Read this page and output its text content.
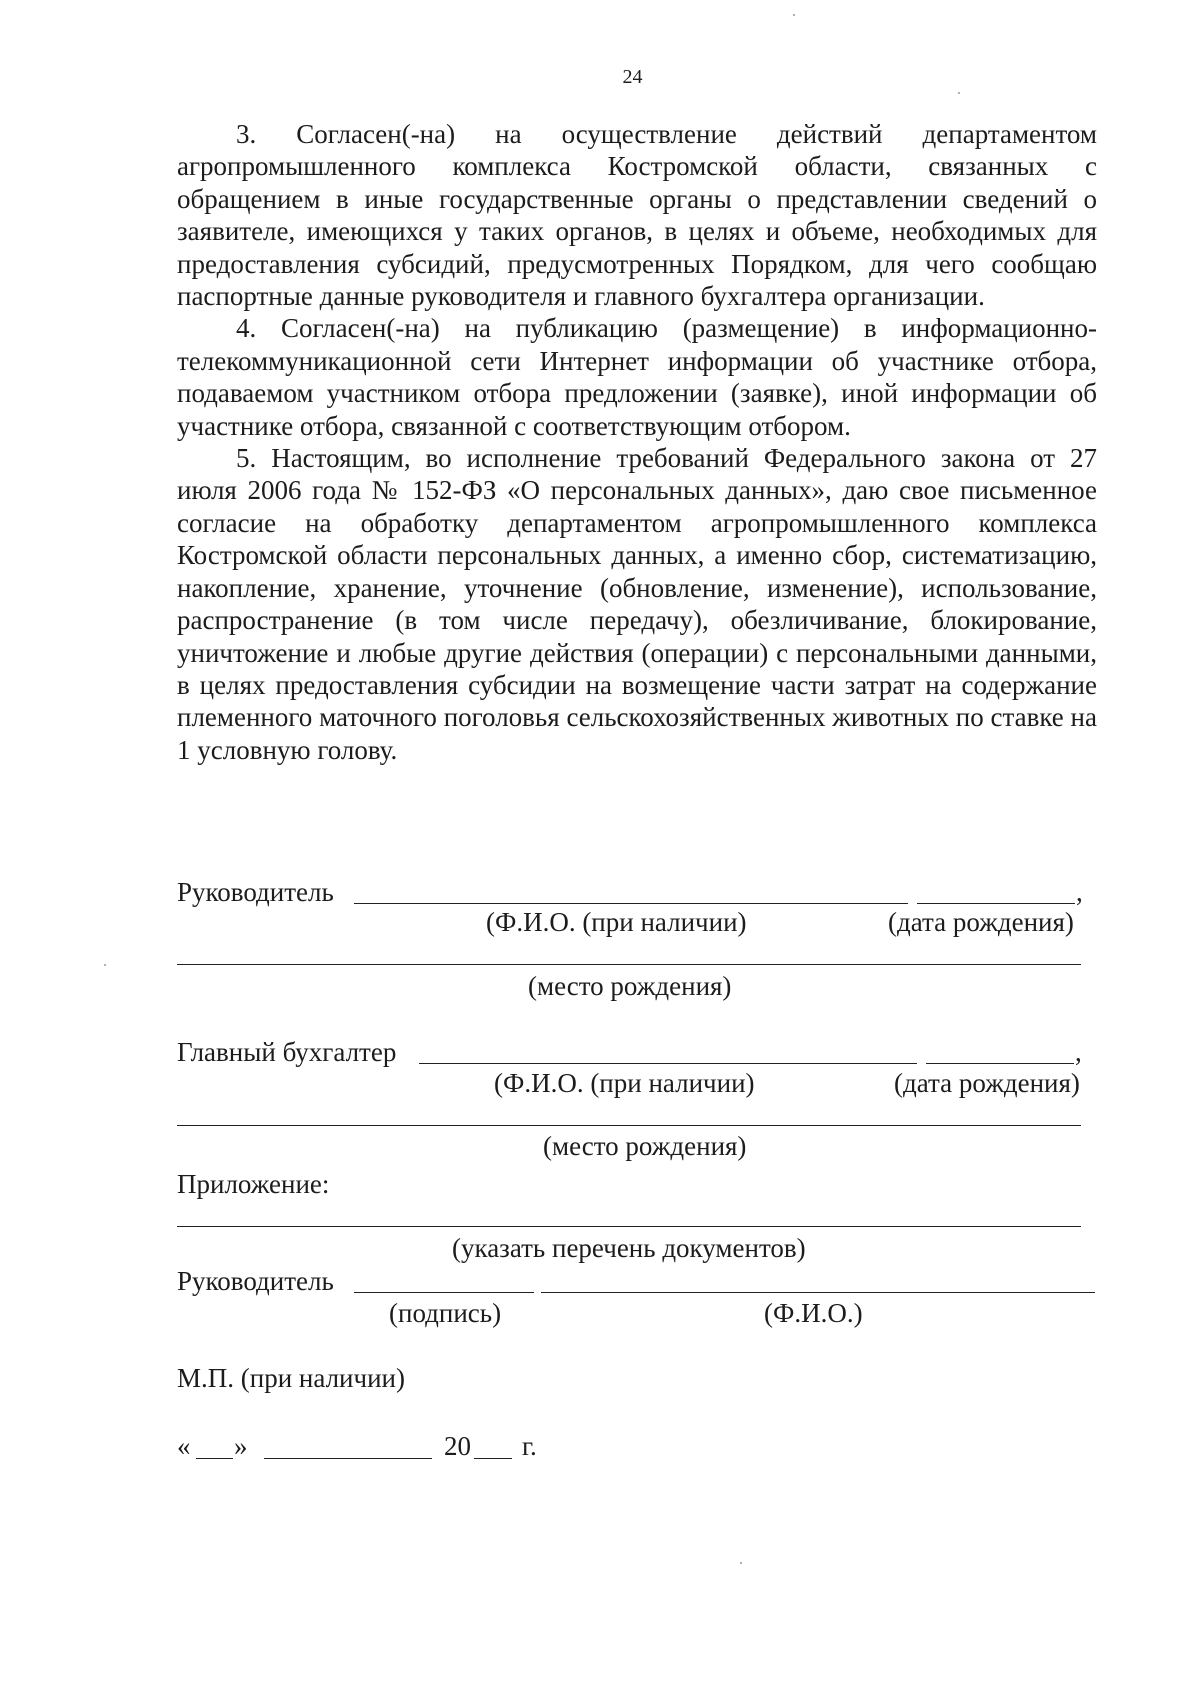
24

3. Согласен(-на) на осуществление действий департаментом агропромышленного комплекса Костромской области, связанных с обращением в иные государственные органы о представлении сведений о заявителе, имеющихся у таких органов, в целях и объеме, необходимых для предоставления субсидий, предусмотренных Порядком, для чего сообщаю паспортные данные руководителя и главного бухгалтера организации.

4. Согласен(-на) на публикацию (размещение) в информационно-телекоммуникационной сети Интернет информации об участнике отбора, подаваемом участником отбора предложении (заявке), иной информации об участнике отбора, связанной с соответствующим отбором.

5. Настоящим, во исполнение требований Федерального закона от 27 июля 2006 года № 152-ФЗ «О персональных данных», даю свое письменное согласие на обработку департаментом агропромышленного комплекса Костромской области персональных данных, а именно сбор, систематизацию, накопление, хранение, уточнение (обновление, изменение), использование, распространение (в том числе передачу), обезличивание, блокирование, уничтожение и любые другие действия (операции) с персональными данными, в целях предоставления субсидии на возмещение части затрат на содержание племенного маточного поголовья сельскохозяйственных животных по ставке на 1 условную голову.

Руководитель	,
(Ф.И.О. (при наличии)	(дата рождения)
(место рождения)
Главный бухгалтер	,
(Ф.И.О. (при наличии)	(дата рождения)
(место рождения)
Приложение:
(указать перечень документов)
Руководитель
(подпись)	(Ф.И.О.)
М.П. (при наличии)
« »	20 г.
